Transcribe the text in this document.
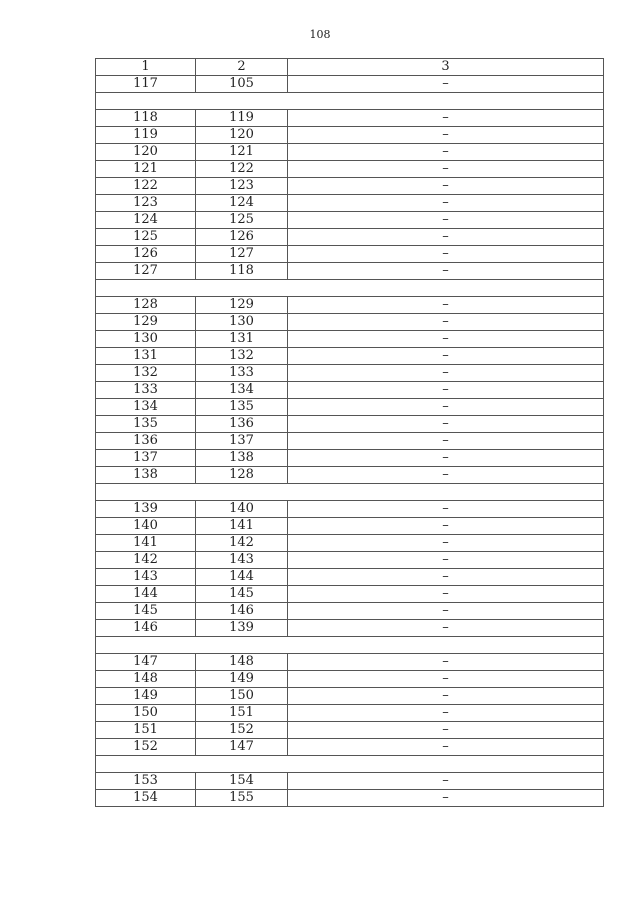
108
1	2	3
117	105	–

118	119	–
119	120	–
120	121	–
121	122	–
122	123	–
123	124	–
124	125	–
125	126	–
126	127	–
127	118	–

128	129	–
129	130	–
130	131	–
131	132	–
132	133	–
133	134	–
134	135	–
135	136	–
136	137	–
137	138	–
138	128	–

139	140	–
140	141	–
141	142	–
142	143	–
143	144	–
144	145	–
145	146	–
146	139	–

147	148	–
148	149	–
149	150	–
150	151	–
151	152	–
152	147	–

153	154	–
154	155	–
